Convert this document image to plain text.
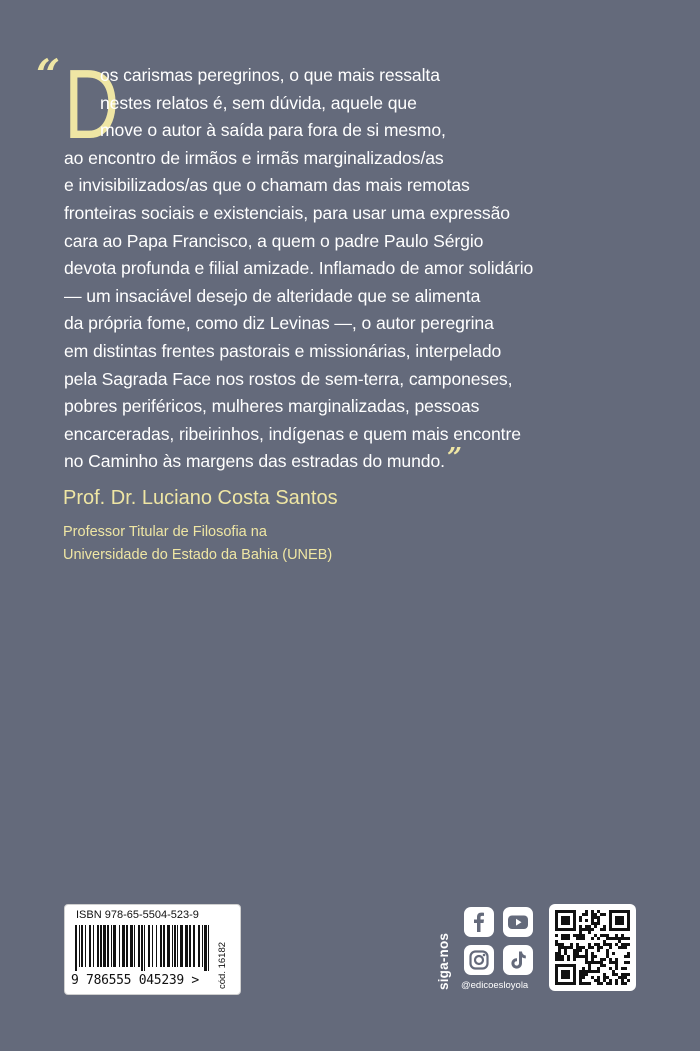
“ D
os carismas peregrinos, o que mais ressalta
nestes relatos é, sem dúvida, aquele que
move o autor à saída para fora de si mesmo,
ao encontro de irmãos e irmãs marginalizados/as
e invisibilizados/as que o chamam das mais remotas
fronteiras sociais e existenciais, para usar uma expressão
cara ao Papa Francisco, a quem o padre Paulo Sérgio
devota profunda e filial amizade. Inflamado de amor solidário
— um insaciável desejo de alteridade que se alimenta
da própria fome, como diz Levinas —, o autor peregrina
em distintas frentes pastorais e missionárias, interpelado
pela Sagrada Face nos rostos de sem-terra, camponeses,
pobres periféricos, mulheres marginalizadas, pessoas
encarceradas, ribeirinhos, indígenas e quem mais encontre
no Caminho às margens das estradas do mundo.”
Prof. Dr. Luciano Costa Santos
Professor Titular de Filosofia na
Universidade do Estado da Bahia (UNEB)
ISBN 978-65-5504-523-9
9 786555 045239 > cód. 16182	siga-nos @edicoesloyola
